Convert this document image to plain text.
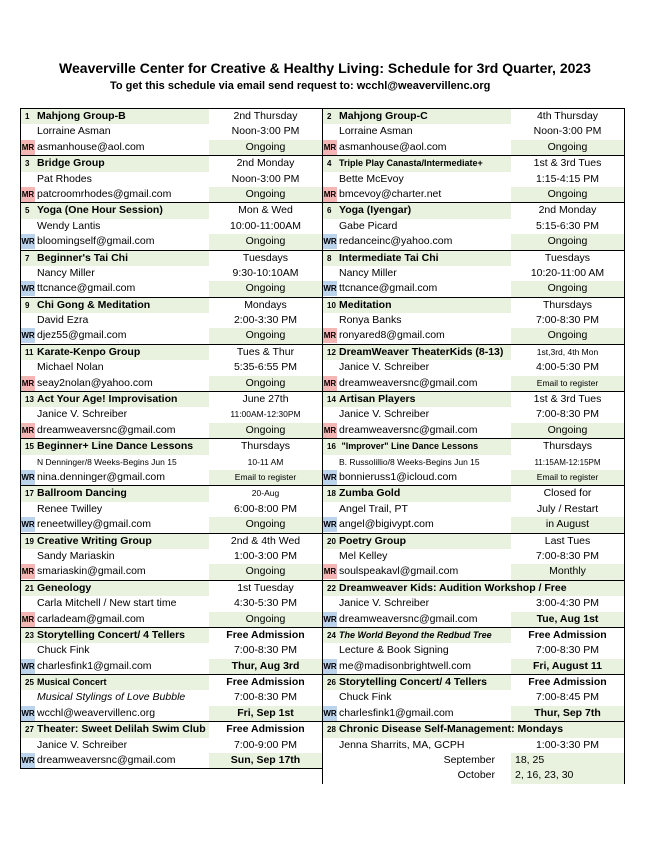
Weaverville Center for Creative & Healthy Living: Schedule for 3rd Quarter, 2023
To get this schedule via email send request to: wcchl@weavervillenc.org
1 Mahjong Group-B	2nd Thursday
Lorraine Asman	Noon-3:00 PM
MR asmanhouse@aol.com	Ongoing
3 Bridge Group	2nd Monday
Pat Rhodes	Noon-3:00 PM
MR patcroomrhodes@gmail.com	Ongoing
5 Yoga (One Hour Session)	Mon & Wed
Wendy Lantis	10:00-11:00AM
WR bloomingself@gmail.com	Ongoing
7 Beginner's Tai Chi	Tuesdays
Nancy Miller	9:30-10:10AM
WR ttcnance@gmail.com	Ongoing
9 Chi Gong & Meditation	Mondays
David Ezra	2:00-3:30 PM
WR djez55@gmail.com	Ongoing
11 Karate-Kenpo Group	Tues & Thur
Michael Nolan	5:35-6:55 PM
MR seay2nolan@yahoo.com	Ongoing
13 Act Your Age! Improvisation	June 27th
Janice V. Schreiber	11:00AM-12:30PM
MR dreamweaversnc@gmail.com	Ongoing
15 Beginner+ Line Dance Lessons	Thursdays
N Denninger/8 Weeks-Begins Jun 15	10-11 AM
WR nina.denninger@gmail.com	Email to register
17 Ballroom Dancing	20-Aug
Renee Twilley	6:00-8:00 PM
WR reneetwilley@gmail.com	Ongoing
19 Creative Writing Group	2nd & 4th Wed
Sandy Mariaskin	1:00-3:00 PM
MR smariaskin@gmail.com	Ongoing
21 Geneology	1st Tuesday
Carla Mitchell / New start time	4:30-5:30 PM
MR carladeam@gmail.com	Ongoing
23 Storytelling Concert/ 4 Tellers	Free Admission
Chuck Fink	7:00-8:30 PM
WR charlesfink1@gmail.com	Thur, Aug 3rd
25 Musical Concert	Free Admission
Musical Stylings of Love Bubble	7:00-8:30 PM
WR wcchl@weavervillenc.org	Fri, Sep 1st
27 Theater: Sweet Delilah Swim Club	Free Admission
Janice V. Schreiber	7:00-9:00 PM
WR dreamweaversnc@gmail.com	Sun, Sep 17th
2 Mahjong Group-C	4th Thursday
Lorraine Asman	Noon-3:00 PM
MR asmanhouse@aol.com	Ongoing
4 Triple Play Canasta/Intermediate+	1st & 3rd Tues
Bette McEvoy	1:15-4:15 PM
MR bmcevoy@charter.net	Ongoing
6 Yoga (Iyengar)	2nd Monday
Gabe Picard	5:15-6:30 PM
WR redanceinc@yahoo.com	Ongoing
8 Intermediate Tai Chi	Tuesdays
Nancy Miller	10:20-11:00 AM
WR ttcnance@gmail.com	Ongoing
10 Meditation	Thursdays
Ronya Banks	7:00-8:30 PM
MR ronyared8@gmail.com	Ongoing
12 DreamWeaver TheaterKids (8-13)	1st,3rd, 4th Mon
Janice V. Schreiber	4:00-5:30 PM
MR dreamweaversnc@gmail.com	Email to register
14 Artisan Players	1st & 3rd Tues
Janice V. Schreiber	7:00-8:30 PM
MR dreamweaversnc@gmail.com	Ongoing
16 "Improver" Line Dance Lessons	Thursdays
B. Russolillio/8 Weeks-Begins Jun 15	11:15AM-12:15PM
WR bonnieruss1@icloud.com	Email to register
18 Zumba Gold	Closed for
Angel Trail, PT	July / Restart
WR angel@bigivypt.com	in August
20 Poetry Group	Last Tues
Mel Kelley	7:00-8:30 PM
MR soulspeakavl@gmail.com	Monthly
22 Dreamweaver Kids: Audition Workshop / Free
Janice V. Schreiber	3:00-4:30 PM
WR dreamweaversnc@gmail.com	Tue, Aug 1st
24 The World Beyond the Redbud Tree	Free Admission
Lecture & Book Signing	7:00-8:30 PM
WR me@madisonbrightwell.com	Fri, August 11
26 Storytelling Concert/ 4 Tellers	Free Admission
Chuck Fink	7:00-8:45 PM
WR charlesfink1@gmail.com	Thur, Sep 7th
28 Chronic Disease Self-Management: Mondays
Jenna Sharrits, MA, GCPH	1:00-3:30 PM
September	18, 25
October	2, 16, 23, 30
